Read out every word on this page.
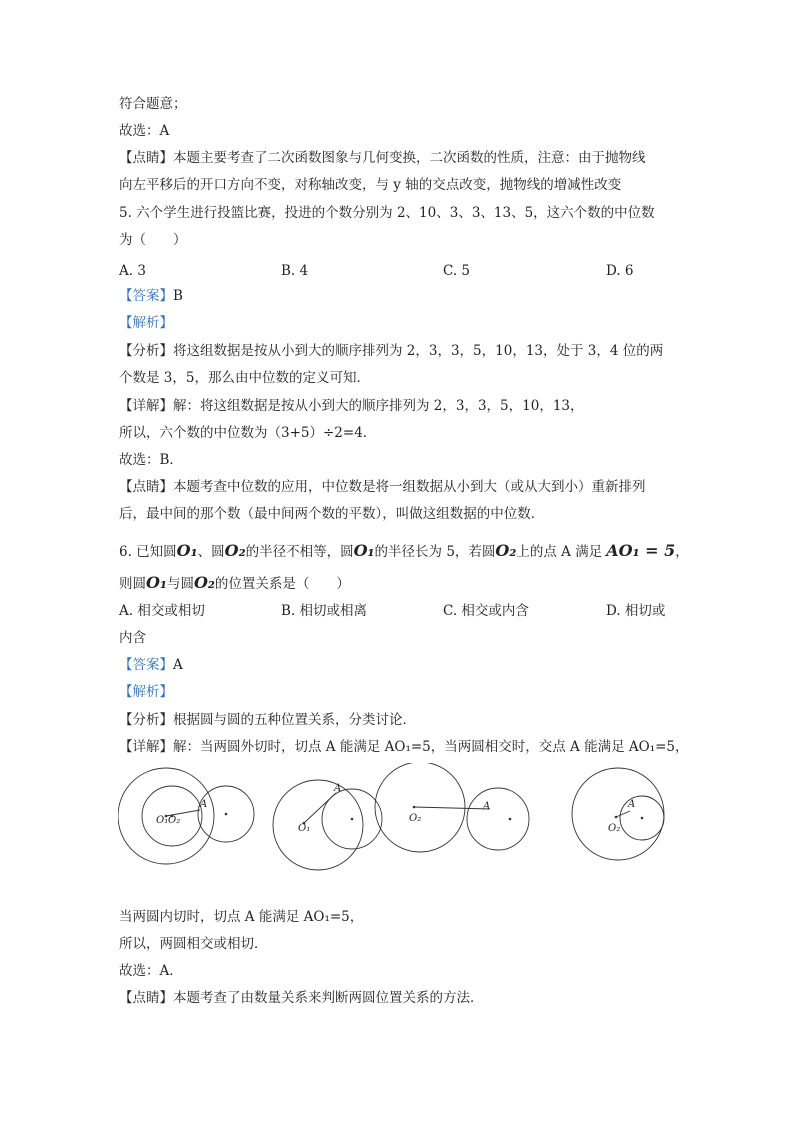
符合题意；
故选：A
【点睛】本题主要考查了二次函数图象与几何变换，二次函数的性质，注意：由于抛物线
向左平移后的开口方向不变，对称轴改变，与 y 轴的交点改变，抛物线的增减性改变
5. 六个学生进行投篮比赛，投进的个数分别为 2、10、3、3、13、5，这六个数的中位数
为（　　）
A. 3	B. 4	C. 5	D. 6
【答案】B
【解析】
【分析】将这组数据是按从小到大的顺序排列为 2，3，3，5，10，13，处于 3，4 位的两
个数是 3，5，那么由中位数的定义可知．
【详解】解：将这组数据是按从小到大的顺序排列为 2，3，3，5，10，13，
所以，六个数的中位数为（3+5）÷2=4．
故选：B．
【点睛】本题考查中位数的应用，中位数是将一组数据从小到大（或从大到小）重新排列
后，最中间的那个数（最中间两个数的平数），叫做这组数据的中位数．
6. 已知圆O₁、圆O₂的半径不相等，圆O₁的半径长为 5，若圆O₂上的点 A 满足 AO₁ = 5，
则圆O₁与圆O₂的位置关系是（　　）
A. 相交或相切	B. 相切或相离	C. 相交或内含	D. 相切或
内含
【答案】A
【解析】
【分析】根据圆与圆的五种位置关系，分类讨论．
【详解】解：当两圆外切时，切点 A 能满足 AO₁=5，当两圆相交时，交点 A 能满足 AO₁=5，
A
O₁ O₂
A
O₁
A
O₂
A
O₂
当两圆内切时，切点 A 能满足 AO₁=5，
所以，两圆相交或相切．
故选：A．
【点睛】本题考查了由数量关系来判断两圆位置关系的方法．
